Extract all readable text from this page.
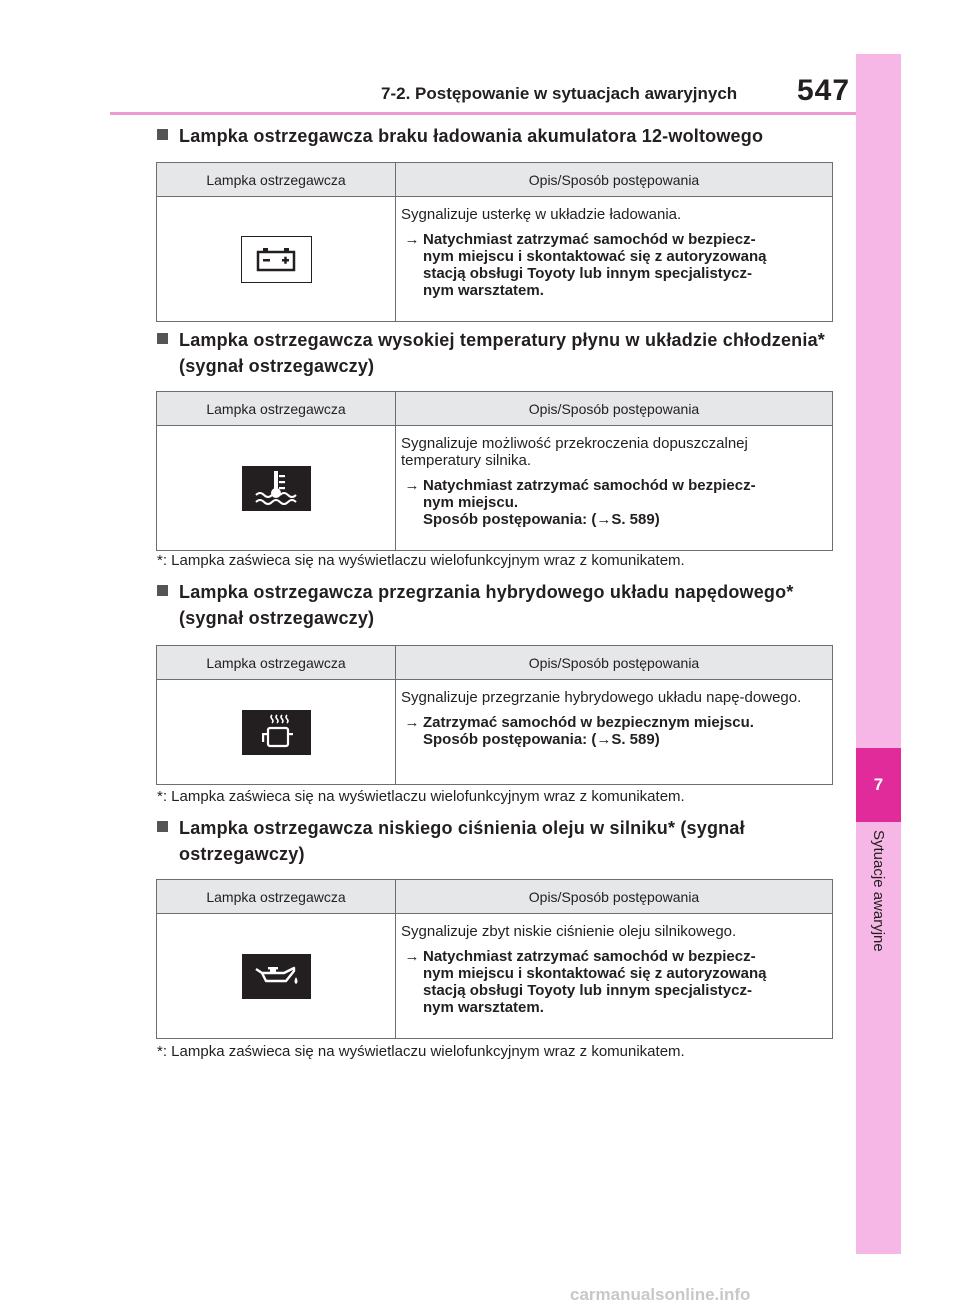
7-2. Postępowanie w sytuacjach awaryjnych 547
7
Sytuacje awaryjne
Lampka ostrzegawcza braku ładowania akumulatora 12-woltowego
Lampka ostrzegawcza	Opis/Sposób postępowania

Sygnalizuje usterkę w układzie ładowania.

→ Natychmiast zatrzymać samochód w bezpiecz-
nym miejscu i skontaktować się z autoryzowaną
stacją obsługi Toyoty lub innym specjalistycz-
nym warsztatem.
Lampka ostrzegawcza wysokiej temperatury płynu w układzie chłodzenia* (sygnał ostrzegawczy)
Lampka ostrzegawcza	Opis/Sposób postępowania

Sygnalizuje możliwość przekroczenia dopuszczalnej temperatury silnika.

→ Natychmiast zatrzymać samochód w bezpiecz-
nym miejscu.
Sposób postępowania: (→S. 589)
*: Lampka zaświeca się na wyświetlaczu wielofunkcyjnym wraz z komunikatem.
Lampka ostrzegawcza przegrzania hybrydowego układu napędowego* (sygnał ostrzegawczy)
Lampka ostrzegawcza	Opis/Sposób postępowania

Sygnalizuje przegrzanie hybrydowego układu napę-dowego.

→ Zatrzymać samochód w bezpiecznym miejscu.
Sposób postępowania: (→S. 589)
*: Lampka zaświeca się na wyświetlaczu wielofunkcyjnym wraz z komunikatem.
Lampka ostrzegawcza niskiego ciśnienia oleju w silniku* (sygnał ostrzegawczy)
Lampka ostrzegawcza	Opis/Sposób postępowania

Sygnalizuje zbyt niskie ciśnienie oleju silnikowego.

→ Natychmiast zatrzymać samochód w bezpiecz-
nym miejscu i skontaktować się z autoryzowaną
stacją obsługi Toyoty lub innym specjalistycz-
nym warsztatem.
*: Lampka zaświeca się na wyświetlaczu wielofunkcyjnym wraz z komunikatem.
carmanualsonline.info
